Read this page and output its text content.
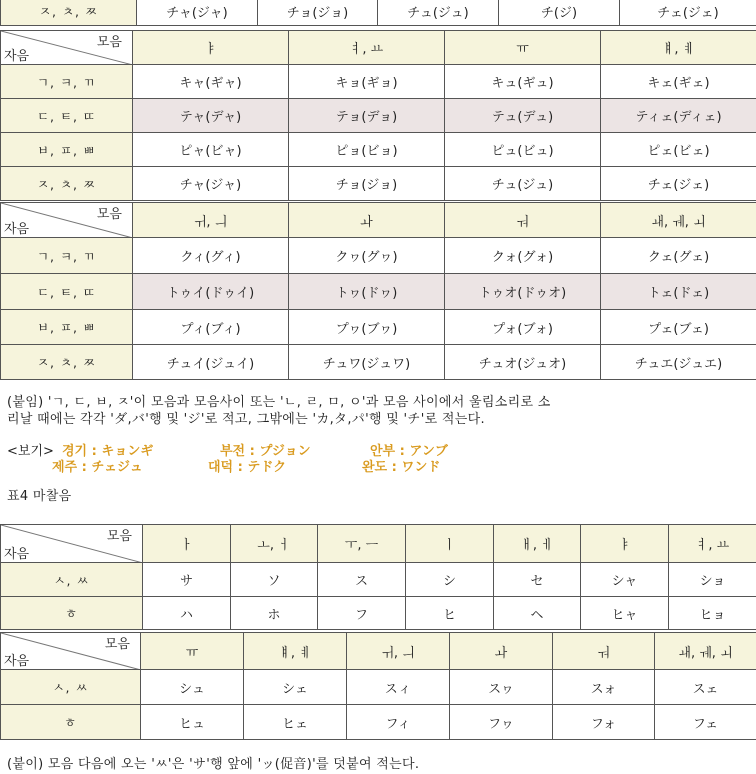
ㅈ, ㅊ, ㅉ	チャ(ジャ)	チョ(ジョ)	チュ(ジュ)	チ(ジ)	チェ(ジェ)
모음
자음	ㅑ	ㅕ, ㅛ	ㅠ	ㅒ, ㅖ
ㄱ, ㅋ, ㄲ	キャ(ギャ)	キョ(ギョ)	キュ(ギュ)	キェ(ギェ)
ㄷ, ㅌ, ㄸ	テャ(デャ)	テョ(デョ)	テュ(デュ)	ティェ(ディェ)
ㅂ, ㅍ, ㅃ	ピャ(ビャ)	ピョ(ビョ)	ピュ(ビュ)	ピェ(ビェ)
ㅈ, ㅊ, ㅉ	チャ(ジャ)	チョ(ジョ)	チュ(ジュ)	チェ(ジェ)
모음
자음	ㅟ, ㅢ	ㅘ	ㅝ	ㅙ, ㅞ, ㅚ
ㄱ, ㅋ, ㄲ	クィ(グィ)	クヮ(グヮ)	クォ(グォ)	クェ(グェ)
ㄷ, ㅌ, ㄸ	トゥイ(ドゥイ)	トヮ(ドヮ)	トゥオ(ドゥオ)	トェ(ドェ)
ㅂ, ㅍ, ㅃ	プィ(ブィ)	プヮ(ブヮ)	プォ(ブォ)	プェ(ブェ)
ㅈ, ㅊ, ㅉ	チュイ(ジュイ)	チュワ(ジュワ)	チュオ(ジュオ)	チュエ(ジュエ)
(붙임) 'ㄱ, ㄷ, ㅂ, ㅈ'이 모음과 모음사이 또는 'ㄴ, ㄹ, ㅁ, ㅇ'과 모음 사이에서 울림소리로 소
리날 때에는 각각 'ダ,バ'행 및 'ジ'로 적고, 그밖에는 'カ,タ,パ'행 및 'チ'로 적는다.
<보기> 경기 : キョンギ	부전 : プジョン	안부 : アンブ
제주 : チェジュ	대덕 : テドク	완도 : ワンド
표4 마찰음
모음
자음	ㅏ	ㅗ, ㅓ	ㅜ, ㅡ	ㅣ	ㅐ, ㅔ	ㅑ	ㅕ, ㅛ
ㅅ, ㅆ	サ	ソ	ス	シ	セ	シャ	ショ
ㅎ	ハ	ホ	フ	ヒ	ヘ	ヒャ	ヒョ
모음
자음	ㅠ	ㅒ, ㅖ	ㅟ, ㅢ	ㅘ	ㅝ	ㅙ, ㅞ, ㅚ
ㅅ, ㅆ	シュ	シェ	スィ	スヮ	スォ	スェ
ㅎ	ヒュ	ヒェ	フィ	フヮ	フォ	フェ
(붙이) 모음 다음에 오는 'ㅆ'은 'サ'행 앞에 'ッ(促音)'를 덧붙여 적는다.
